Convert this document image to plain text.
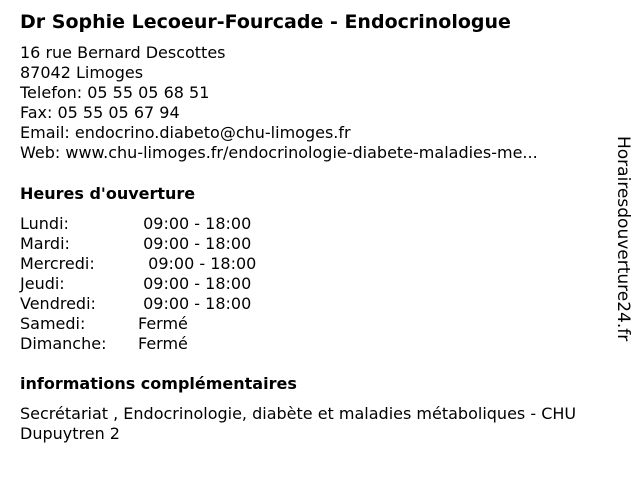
Dr Sophie Lecoeur-Fourcade - Endocrinologue
16 rue Bernard Descottes
87042 Limoges
Telefon: 05 55 05 68 51
Fax: 05 55 05 67 94
Email: endocrino.diabeto@chu-limoges.fr
Web: www.chu-limoges.fr/endocrinologie-diabete-maladies-me...
Heures d'ouverture
Lundi:	09:00 - 18:00
Mardi:	09:00 - 18:00
Mercredi:	09:00 - 18:00
Jeudi:	09:00 - 18:00
Vendredi:	09:00 - 18:00
Samedi:	Fermé
Dimanche:	Fermé
informations complémentaires
Secrétariat , Endocrinologie, diabète et maladies métaboliques - CHU Dupuytren 2
Horairesdouverture24.fr
